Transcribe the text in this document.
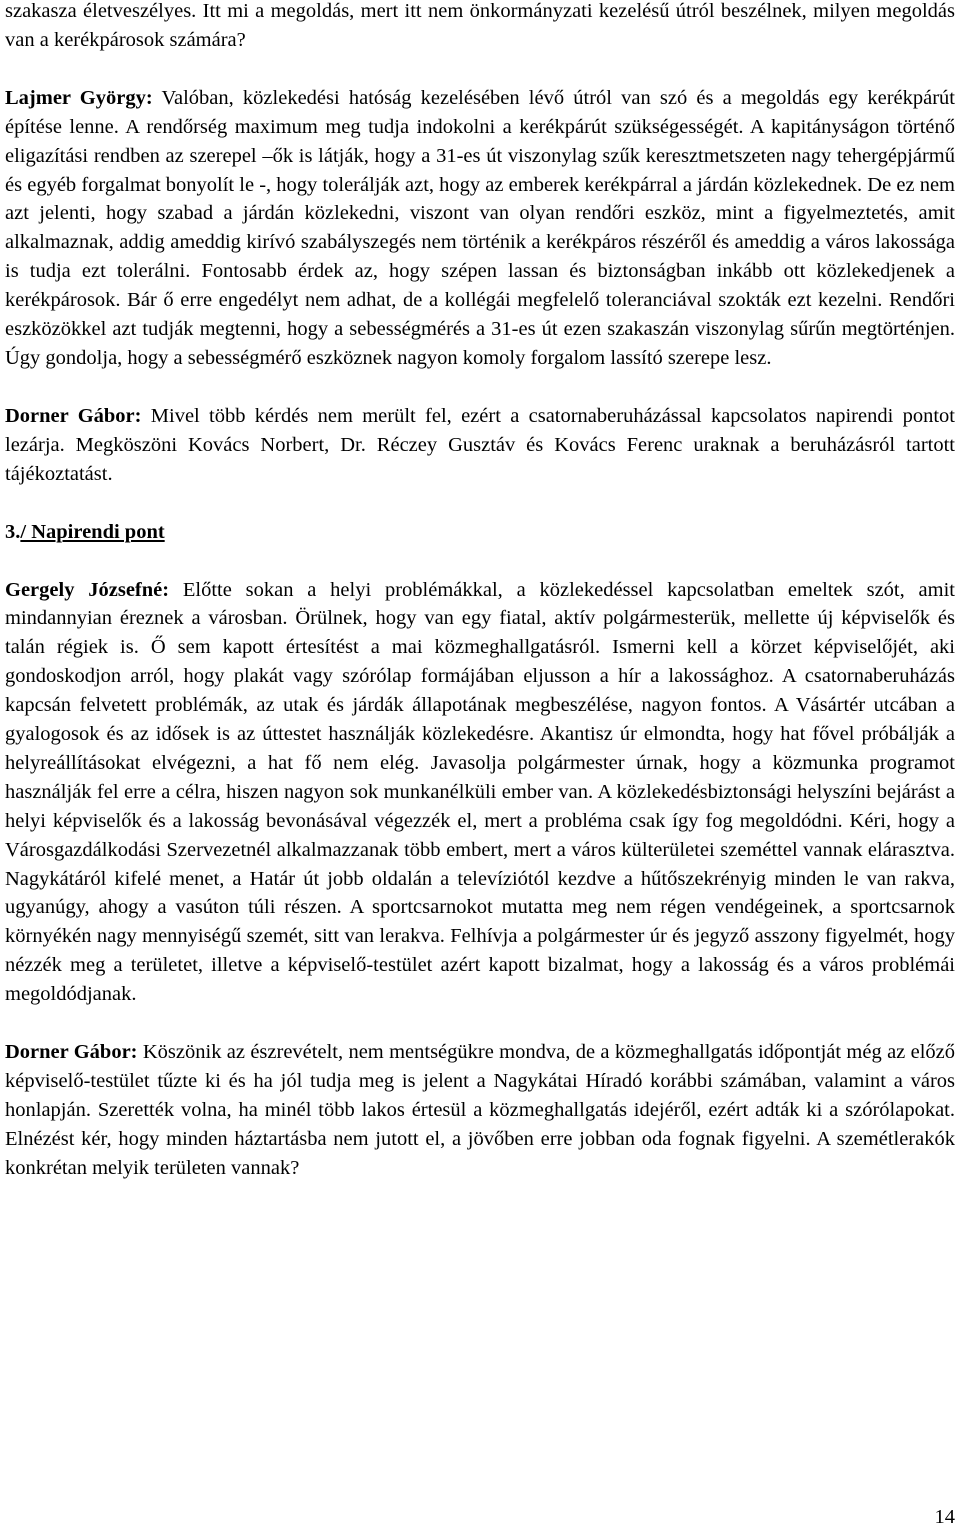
szakasza életveszélyes. Itt mi a megoldás, mert itt nem önkormányzati kezelésű útról beszélnek, milyen megoldás van a kerékpárosok számára?

Lajmer György: Valóban, közlekedési hatóság kezelésében lévő útról van szó és a megoldás egy kerékpárút építése lenne. A rendőrség maximum meg tudja indokolni a kerékpárút szükségességét. A kapitányságon történő eligazítási rendben az szerepel –ők is látják, hogy a 31-es út viszonylag szűk keresztmetszeten nagy tehergépjármű és egyéb forgalmat bonyolít le -, hogy tolerálják azt, hogy az emberek kerékpárral a járdán közlekednek. De ez nem azt jelenti, hogy szabad a járdán közlekedni, viszont van olyan rendőri eszköz, mint a figyelmeztetés, amit alkalmaznak, addig ameddig kirívó szabályszegés nem történik a kerékpáros részéről és ameddig a város lakossága is tudja ezt tolerálni. Fontosabb érdek az, hogy szépen lassan és biztonságban inkább ott közlekedjenek a kerékpárosok. Bár ő erre engedélyt nem adhat, de a kollégái megfelelő toleranciával szokták ezt kezelni. Rendőri eszközökkel azt tudják megtenni, hogy a sebességmérés a 31-es út ezen szakaszán viszonylag sűrűn megtörténjen. Úgy gondolja, hogy a sebességmérő eszköznek nagyon komoly forgalom lassító szerepe lesz.

Dorner Gábor: Mivel több kérdés nem merült fel, ezért a csatornaberuházással kapcsolatos napirendi pontot lezárja. Megköszöni Kovács Norbert, Dr. Réczey Gusztáv és Kovács Ferenc uraknak a beruházásról tartott tájékoztatást.

3./ Napirendi pont

Gergely Józsefné: Előtte sokan a helyi problémákkal, a közlekedéssel kapcsolatban emeltek szót, amit mindannyian éreznek a városban. Örülnek, hogy van egy fiatal, aktív polgármesterük, mellette új képviselők és talán régiek is. Ő sem kapott értesítést a mai közmeghallgatásról. Ismerni kell a körzet képviselőjét, aki gondoskodjon arról, hogy plakát vagy szórólap formájában eljusson a hír a lakossághoz. A csatornaberuházás kapcsán felvetett problémák, az utak és járdák állapotának megbeszélése, nagyon fontos. A Vásártér utcában a gyalogosok és az idősek is az úttestet használják közlekedésre. Akantisz úr elmondta, hogy hat fővel próbálják a helyreállításokat elvégezni, a hat fő nem elég. Javasolja polgármester úrnak, hogy a közmunka programot használják fel erre a célra, hiszen nagyon sok munkanélküli ember van. A közlekedésbiztonsági helyszíni bejárást a helyi képviselők és a lakosság bevonásával végezzék el, mert a probléma csak így fog megoldódni. Kéri, hogy a Városgazdálkodási Szervezetnél alkalmazzanak több embert, mert a város külterületei szeméttel vannak elárasztva. Nagykátáról kifelé menet, a Határ út jobb oldalán a televíziótól kezdve a hűtőszekrényig minden le van rakva, ugyanúgy, ahogy a vasúton túli részen. A sportcsarnokot mutatta meg nem régen vendégeinek, a sportcsarnok környékén nagy mennyiségű szemét, sitt van lerakva. Felhívja a polgármester úr és jegyző asszony figyelmét, hogy nézzék meg a területet, illetve a képviselő-testület azért kapott bizalmat, hogy a lakosság és a város problémái megoldódjanak.

Dorner Gábor: Köszönik az észrevételt, nem mentségükre mondva, de a közmeghallgatás időpontját még az előző képviselő-testület tűzte ki és ha jól tudja meg is jelent a Nagykátai Híradó korábbi számában, valamint a város honlapján. Szerették volna, ha minél több lakos értesül a közmeghallgatás idejéről, ezért adták ki a szórólapokat. Elnézést kér, hogy minden háztartásba nem jutott el, a jövőben erre jobban oda fognak figyelni. A szemétlerakók konkrétan melyik területen vannak?

14
